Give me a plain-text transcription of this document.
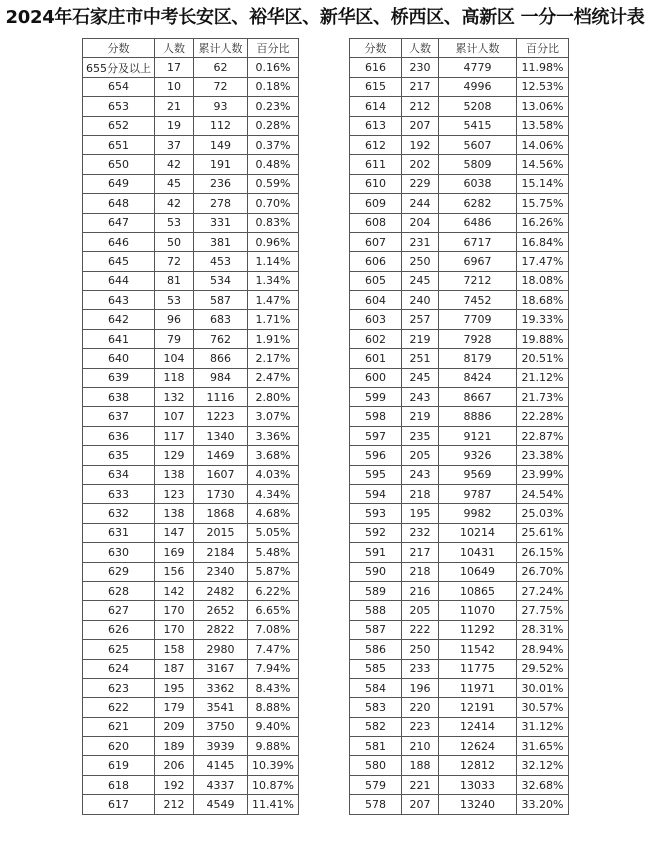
2024年石家庄市中考长安区、裕华区、新华区、桥西区、高新区 一分一档统计表
分数	人数	累计人数	百分比
655分及以上	17	62	0.16%
654	10	72	0.18%
653	21	93	0.23%
652	19	112	0.28%
651	37	149	0.37%
650	42	191	0.48%
649	45	236	0.59%
648	42	278	0.70%
647	53	331	0.83%
646	50	381	0.96%
645	72	453	1.14%
644	81	534	1.34%
643	53	587	1.47%
642	96	683	1.71%
641	79	762	1.91%
640	104	866	2.17%
639	118	984	2.47%
638	132	1116	2.80%
637	107	1223	3.07%
636	117	1340	3.36%
635	129	1469	3.68%
634	138	1607	4.03%
633	123	1730	4.34%
632	138	1868	4.68%
631	147	2015	5.05%
630	169	2184	5.48%
629	156	2340	5.87%
628	142	2482	6.22%
627	170	2652	6.65%
626	170	2822	7.08%
625	158	2980	7.47%
624	187	3167	7.94%
623	195	3362	8.43%
622	179	3541	8.88%
621	209	3750	9.40%
620	189	3939	9.88%
619	206	4145	10.39%
618	192	4337	10.87%
617	212	4549	11.41%
分数	人数	累计人数	百分比
616	230	4779	11.98%
615	217	4996	12.53%
614	212	5208	13.06%
613	207	5415	13.58%
612	192	5607	14.06%
611	202	5809	14.56%
610	229	6038	15.14%
609	244	6282	15.75%
608	204	6486	16.26%
607	231	6717	16.84%
606	250	6967	17.47%
605	245	7212	18.08%
604	240	7452	18.68%
603	257	7709	19.33%
602	219	7928	19.88%
601	251	8179	20.51%
600	245	8424	21.12%
599	243	8667	21.73%
598	219	8886	22.28%
597	235	9121	22.87%
596	205	9326	23.38%
595	243	9569	23.99%
594	218	9787	24.54%
593	195	9982	25.03%
592	232	10214	25.61%
591	217	10431	26.15%
590	218	10649	26.70%
589	216	10865	27.24%
588	205	11070	27.75%
587	222	11292	28.31%
586	250	11542	28.94%
585	233	11775	29.52%
584	196	11971	30.01%
583	220	12191	30.57%
582	223	12414	31.12%
581	210	12624	31.65%
580	188	12812	32.12%
579	221	13033	32.68%
578	207	13240	33.20%
